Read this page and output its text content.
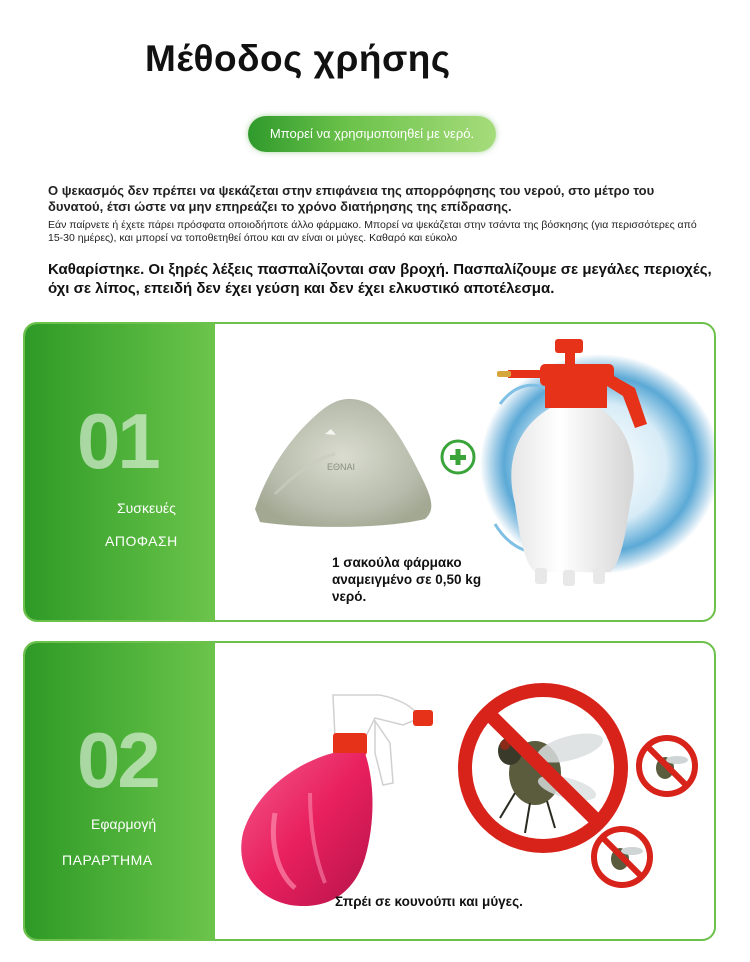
Μέθοδος χρήσης
Μπορεί να χρησιμοποιηθεί με νερό.
Ο ψεκασμός δεν πρέπει να ψεκάζεται στην επιφάνεια της απορρόφησης του νερού, στο μέτρο του δυνατού, έτσι ώστε να μην επηρεάζει το χρόνο διατήρησης της επίδρασης.
Εάν παίρνετε ή έχετε πάρει πρόσφατα οποιοδήποτε άλλο φάρμακο. Μπορεί να ψεκάζεται στην τσάντα της βόσκησης (για περισσότερες από 15-30 ημέρες), και μπορεί να τοποθετηθεί όπου και αν είναι οι μύγες. Καθαρό και εύκολο
Καθαρίστηκε. Οι ξηρές λέξεις πασπαλίζονται σαν βροχή. Πασπαλίζουμε σε μεγάλες περιοχές, όχι σε λίπος, επειδή δεν έχει γεύση και δεν έχει ελκυστικό αποτέλεσμα.
01
Συσκευές
ΑΠΟΦΑΣΗ
ΕΘΝΑΙ
1 σακούλα φάρμακο αναμειγμένο σε 0,50 kg νερό.
02
Εφαρμογή
ΠΑΡΑΡΤΗΜΑ
Σπρέι σε κουνούπι και μύγες.
